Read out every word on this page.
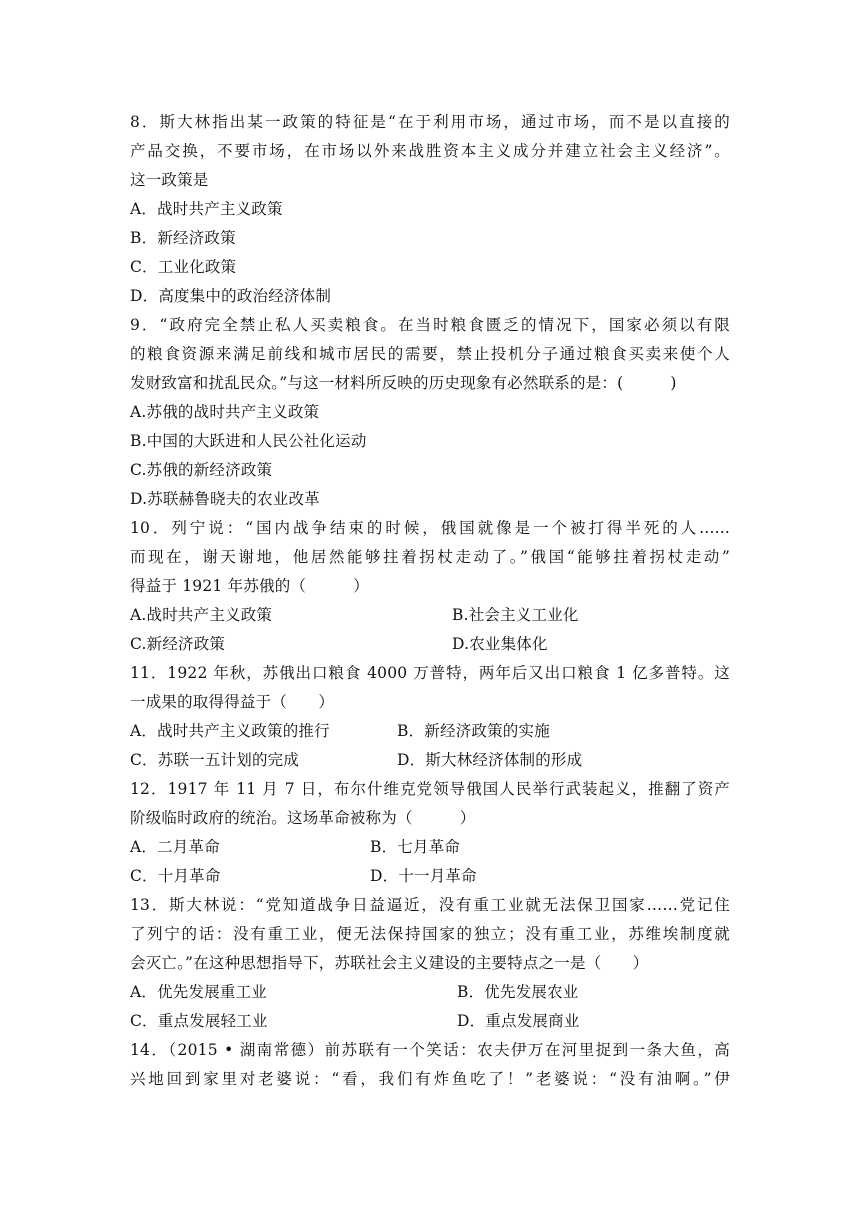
8．斯大林指出某一政策的特征是“在于利用市场，通过市场，而不是以直接的
产品交换，不要市场，在市场以外来战胜资本主义成分并建立社会主义经济”。
这一政策是
A．战时共产主义政策
B．新经济政策
C．工业化政策
D．高度集中的政治经济体制
9．“政府完全禁止私人买卖粮食。在当时粮食匮乏的情况下，国家必须以有限
的粮食资源来满足前线和城市居民的需要，禁止投机分子通过粮食买卖来使个人
发财致富和扰乱民众。”与这一材料所反映的历史现象有必然联系的是：(　　　)
A.苏俄的战时共产主义政策
B.中国的大跃进和人民公社化运动
C.苏俄的新经济政策
D.苏联赫鲁晓夫的农业改革
10．列宁说：“国内战争结束的时候，俄国就像是一个被打得半死的人......
而现在，谢天谢地，他居然能够拄着拐杖走动了。”俄国“能够拄着拐杖走动”
得益于 1921 年苏俄的（　　　）
A.战时共产主义政策	B.社会主义工业化
C.新经济政策	D.农业集体化
11．1922 年秋，苏俄出口粮食 4000 万普特，两年后又出口粮食 1 亿多普特。这
一成果的取得得益于（　　）
A．战时共产主义政策的推行	B．新经济政策的实施
C．苏联一五计划的完成	D．斯大林经济体制的形成
12．1917 年 11 月 7 日，布尔什维克党领导俄国人民举行武装起义，推翻了资产
阶级临时政府的统治。这场革命被称为（　　　）
A．二月革命	B．七月革命
C．十月革命	D．十一月革命
13．斯大林说：“党知道战争日益逼近，没有重工业就无法保卫国家……党记住
了列宁的话：没有重工业，便无法保持国家的独立；没有重工业，苏维埃制度就
会灭亡。”在这种思想指导下，苏联社会主义建设的主要特点之一是（　　）
A．优先发展重工业	B．优先发展农业
C．重点发展轻工业	D．重点发展商业
14．（2015 • 湖南常德）前苏联有一个笑话：农夫伊万在河里捉到一条大鱼，高
兴地回到家里对老婆说：“看，我们有炸鱼吃了！”老婆说：“没有油啊。”伊
